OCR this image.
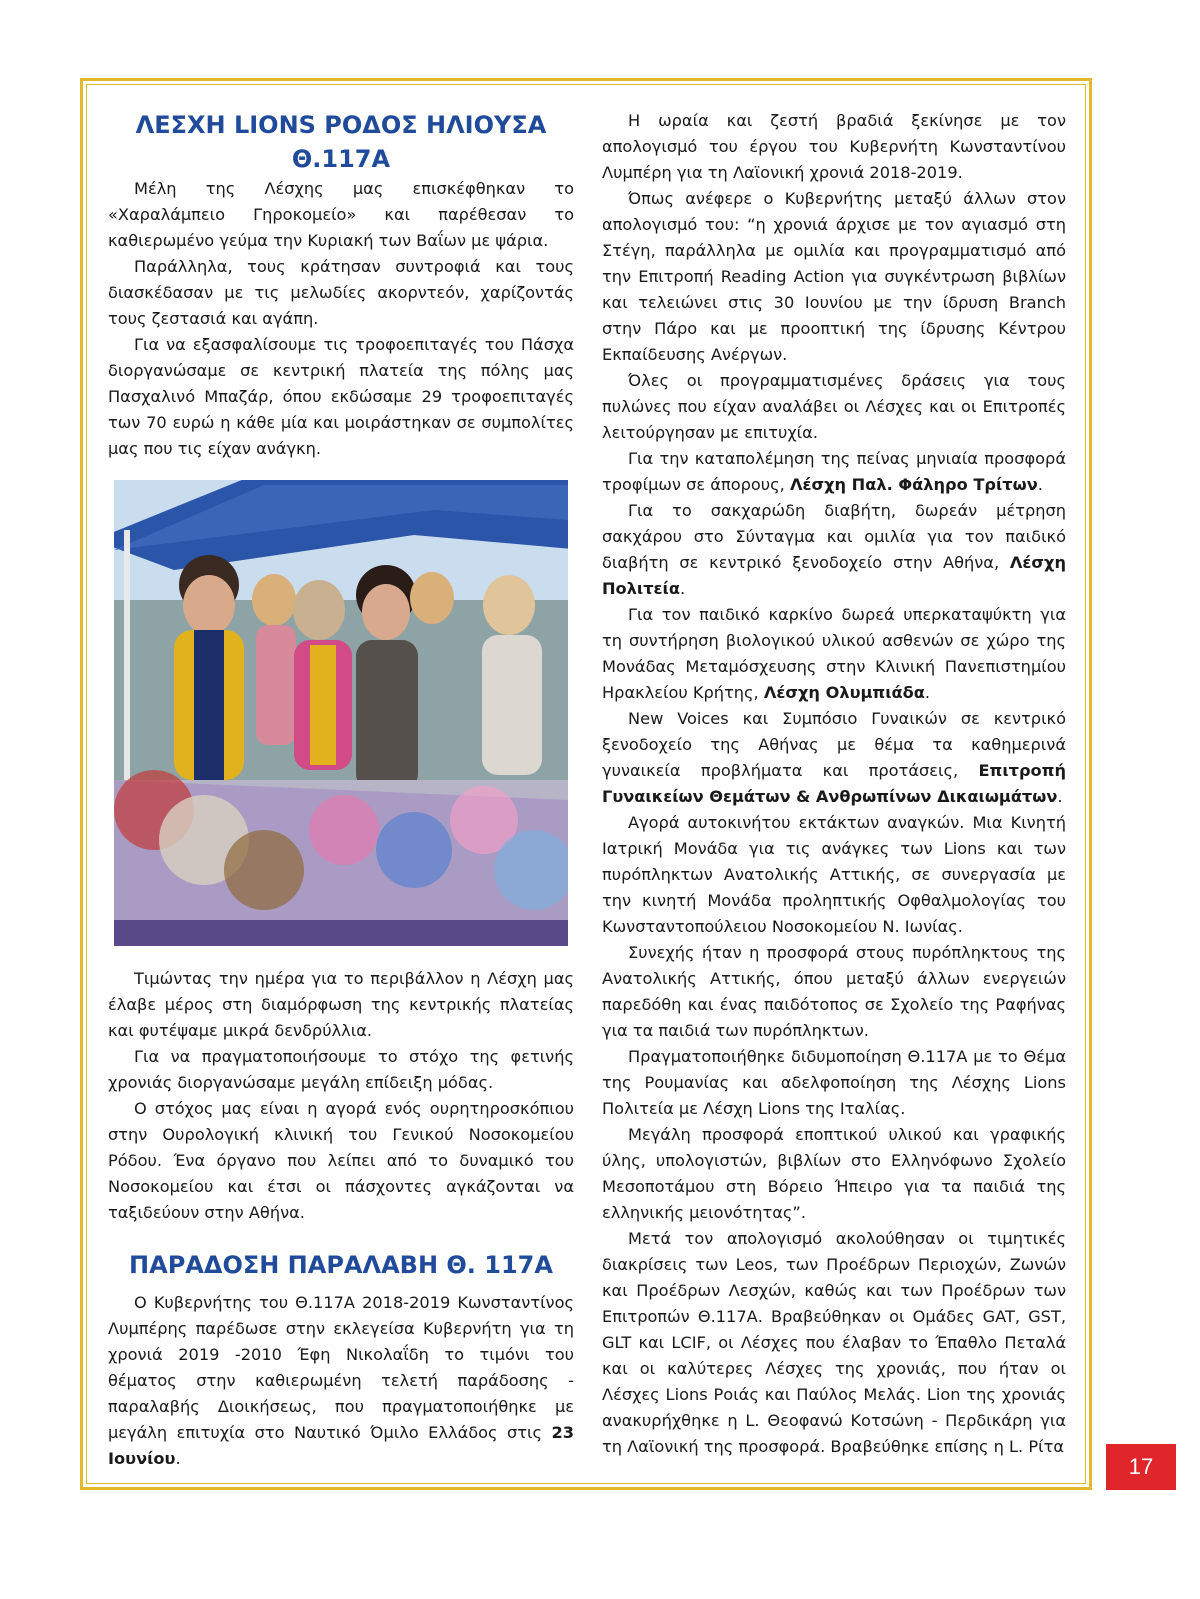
ΛΕΣΧΗ LIONS ΡΟΔΟΣ ΗΛΙΟΥΣΑ
Θ.117Α

Μέλη της Λέσχης μας επισκέφθηκαν το «Χαραλάμπειο Γηροκομείο» και παρέθεσαν το καθιερωμένο γεύμα την Κυριακή των Βαΐων με ψάρια.

Παράλληλα, τους κράτησαν συντροφιά και τους διασκέδασαν με τις μελωδίες ακορντεόν, χαρίζοντάς τους ζεστασιά και αγάπη.

Για να εξασφαλίσουμε τις τροφοεπιταγές του Πάσχα διοργανώσαμε σε κεντρική πλατεία της πόλης μας Πασχαλινό Μπαζάρ, όπου εκδώσαμε 29 τροφοεπιταγές των 70 ευρώ η κάθε μία και μοιράστηκαν σε συμπολίτες μας που τις είχαν ανάγκη.

Τιμώντας την ημέρα για το περιβάλλον η Λέσχη μας έλαβε μέρος στη διαμόρφωση της κεντρικής πλατείας και φυτέψαμε μικρά δενδρύλλια.

Για να πραγματοποιήσουμε το στόχο της φετινής χρονιάς διοργανώσαμε μεγάλη επίδειξη μόδας.

Ο στόχος μας είναι η αγορά ενός ουρητηροσκόπιου στην Ουρολογική κλινική του Γενικού Νοσοκομείου Ρόδου. Ένα όργανο που λείπει από το δυναμικό του Νοσοκομείου και έτσι οι πάσχοντες αγκάζονται να ταξιδεύουν στην Αθήνα.

ΠΑΡΑΔΟΣΗ ΠΑΡΑΛΑΒΗ Θ. 117Α

Ο Κυβερνήτης του Θ.117Α 2018-2019 Κωνσταντίνος Λυμπέρης παρέδωσε στην εκλεγείσα Κυβερνήτη για τη χρονιά 2019 -2010 Έφη Νικολαΐδη το τιμόνι του θέματος στην καθιερωμένη τελετή παράδοσης - παραλαβής Διοικήσεως, που πραγματοποιήθηκε με μεγάλη επιτυχία στο Ναυτικό Όμιλο Ελλάδος στις 23 Ιουνίου.

Η ωραία και ζεστή βραδιά ξεκίνησε με τον απολογισμό του έργου του Κυβερνήτη Κωνσταντίνου Λυμπέρη για τη Λαϊονική χρονιά 2018-2019.

Όπως ανέφερε ο Κυβερνήτης μεταξύ άλλων στον απολογισμό του: “η χρονιά άρχισε με τον αγιασμό στη Στέγη, παράλληλα με ομιλία και προγραμματισμό από την Επιτροπή Reading Action για συγκέντρωση βιβλίων και τελειώνει στις 30 Ιουνίου με την ίδρυση Branch στην Πάρο και με προοπτική της ίδρυσης Κέντρου Εκπαίδευσης Ανέργων.

Όλες οι προγραμματισμένες δράσεις για τους πυλώνες που είχαν αναλάβει οι Λέσχες και οι Επιτροπές λειτούργησαν με επιτυχία.

Για την καταπολέμηση της πείνας μηνιαία προσφορά τροφίμων σε άπορους, Λέσχη Παλ. Φάληρο Τρίτων.

Για το σακχαρώδη διαβήτη, δωρεάν μέτρηση σακχάρου στο Σύνταγμα και ομιλία για τον παιδικό διαβήτη σε κεντρικό ξενοδοχείο στην Αθήνα, Λέσχη Πολιτεία.

Για τον παιδικό καρκίνο δωρεά υπερκαταψύκτη για τη συντήρηση βιολογικού υλικού ασθενών σε χώρο της Μονάδας Μεταμόσχευσης στην Κλινική Πανεπιστημίου Ηρακλείου Κρήτης, Λέσχη Ολυμπιάδα.

New Voices και Συμπόσιο Γυναικών σε κεντρικό ξενοδοχείο της Αθήνας με θέμα τα καθημερινά γυναικεία προβλήματα και προτάσεις, Επιτροπή Γυναικείων Θεμάτων & Ανθρωπίνων Δικαιωμάτων.

Αγορά αυτοκινήτου εκτάκτων αναγκών. Μια Κινητή Ιατρική Μονάδα για τις ανάγκες των Lions και των πυρόπληκτων Ανατολικής Αττικής, σε συνεργασία με την κινητή Μονάδα προληπτικής Οφθαλμολογίας του Κωνσταντοπούλειου Νοσοκομείου Ν. Ιωνίας.

Συνεχής ήταν η προσφορά στους πυρόπληκτους της Ανατολικής Αττικής, όπου μεταξύ άλλων ενεργειών παρεδόθη και ένας παιδότοπος σε Σχολείο της Ραφήνας για τα παιδιά των πυρόπληκτων.

Πραγματοποιήθηκε διδυμοποίηση Θ.117Α με το Θέμα της Ρουμανίας και αδελφοποίηση της Λέσχης Lions Πολιτεία με Λέσχη Lions της Ιταλίας.

Μεγάλη προσφορά εποπτικού υλικού και γραφικής ύλης, υπολογιστών, βιβλίων στο Ελληνόφωνο Σχολείο Μεσοποτάμου στη Βόρειο Ήπειρο για τα παιδιά της ελληνικής μειονότητας”.

Μετά τον απολογισμό ακολούθησαν οι τιμητικές διακρίσεις των Leos, των Προέδρων Περιοχών, Ζωνών και Προέδρων Λεσχών, καθώς και των Προέδρων των Επιτροπών Θ.117Α. Βραβεύθηκαν οι Ομάδες GAT, GST, GLT και LCIF, οι Λέσχες που έλαβαν το Έπαθλο Πεταλά και οι καλύτερες Λέσχες της χρονιάς, που ήταν οι Λέσχες Lions Ροιάς και Παύλος Μελάς. Lion της χρονιάς ανακυρήχθηκε η L. Θεοφανώ Κοτσώνη - Περδικάρη για τη Λαϊονική της προσφορά. Βραβεύθηκε επίσης η L. Ρίτα

17
